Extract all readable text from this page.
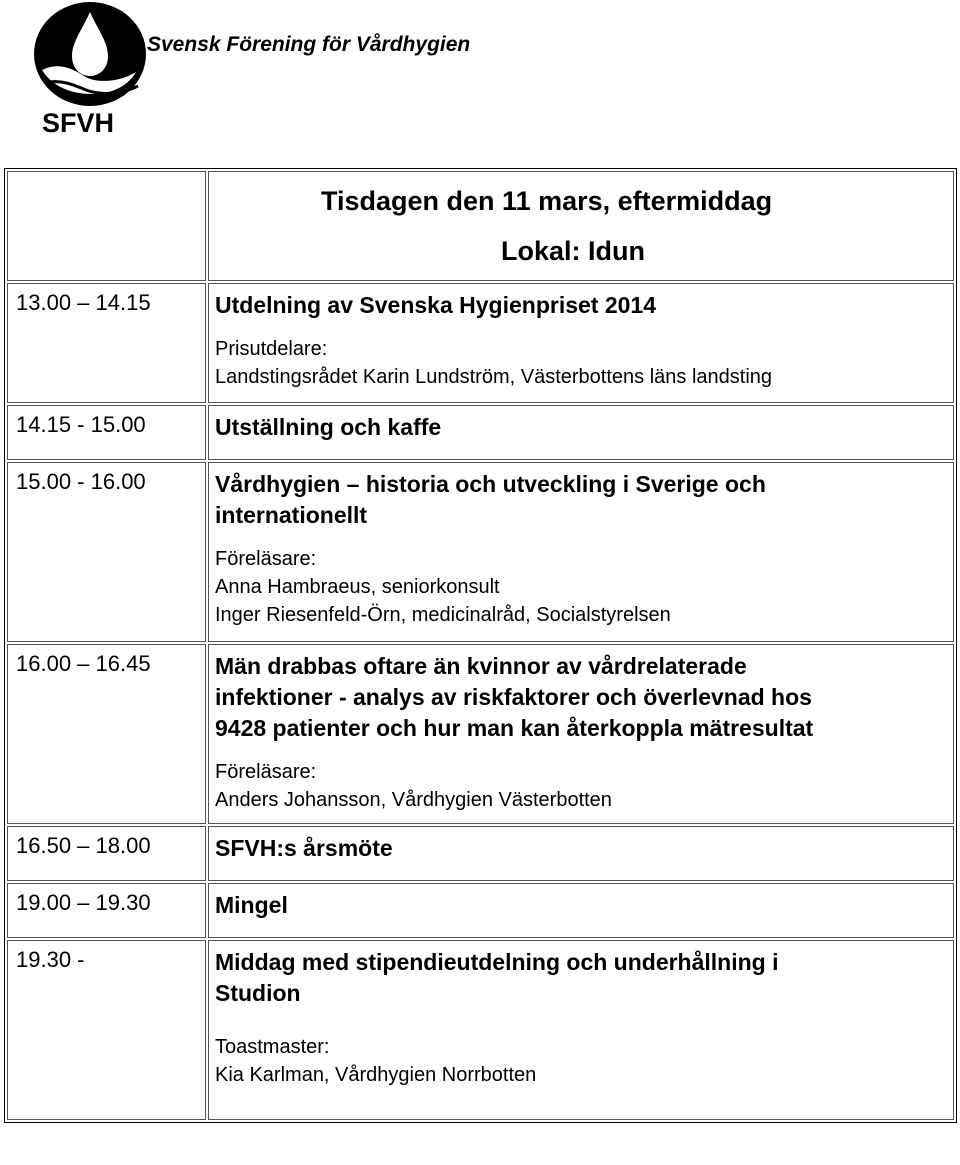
Svensk Förening för Vårdhygien
SFVH

	Tisdagen den 11 mars, eftermiddag
Lokal: Idun

13.00 – 14.15	Utdelning av Svenska Hygienpriset 2014
Prisutdelare:
Landstingsrådet Karin Lundström, Västerbottens läns landsting

14.15 - 15.00	Utställning och kaffe

15.00 - 16.00	Vårdhygien – historia och utveckling i Sverige och
internationellt
Föreläsare:
Anna Hambraeus, seniorkonsult
Inger Riesenfeld-Örn, medicinalråd, Socialstyrelsen

16.00 – 16.45	Män drabbas oftare än kvinnor av vårdrelaterade
infektioner - analys av riskfaktorer och överlevnad hos
9428 patienter och hur man kan återkoppla mätresultat
Föreläsare:
Anders Johansson, Vårdhygien Västerbotten

16.50 – 18.00	SFVH:s årsmöte

19.00 – 19.30	Mingel

19.30 -	Middag med stipendieutdelning och underhållning i
Studion
Toastmaster:
Kia Karlman, Vårdhygien Norrbotten
